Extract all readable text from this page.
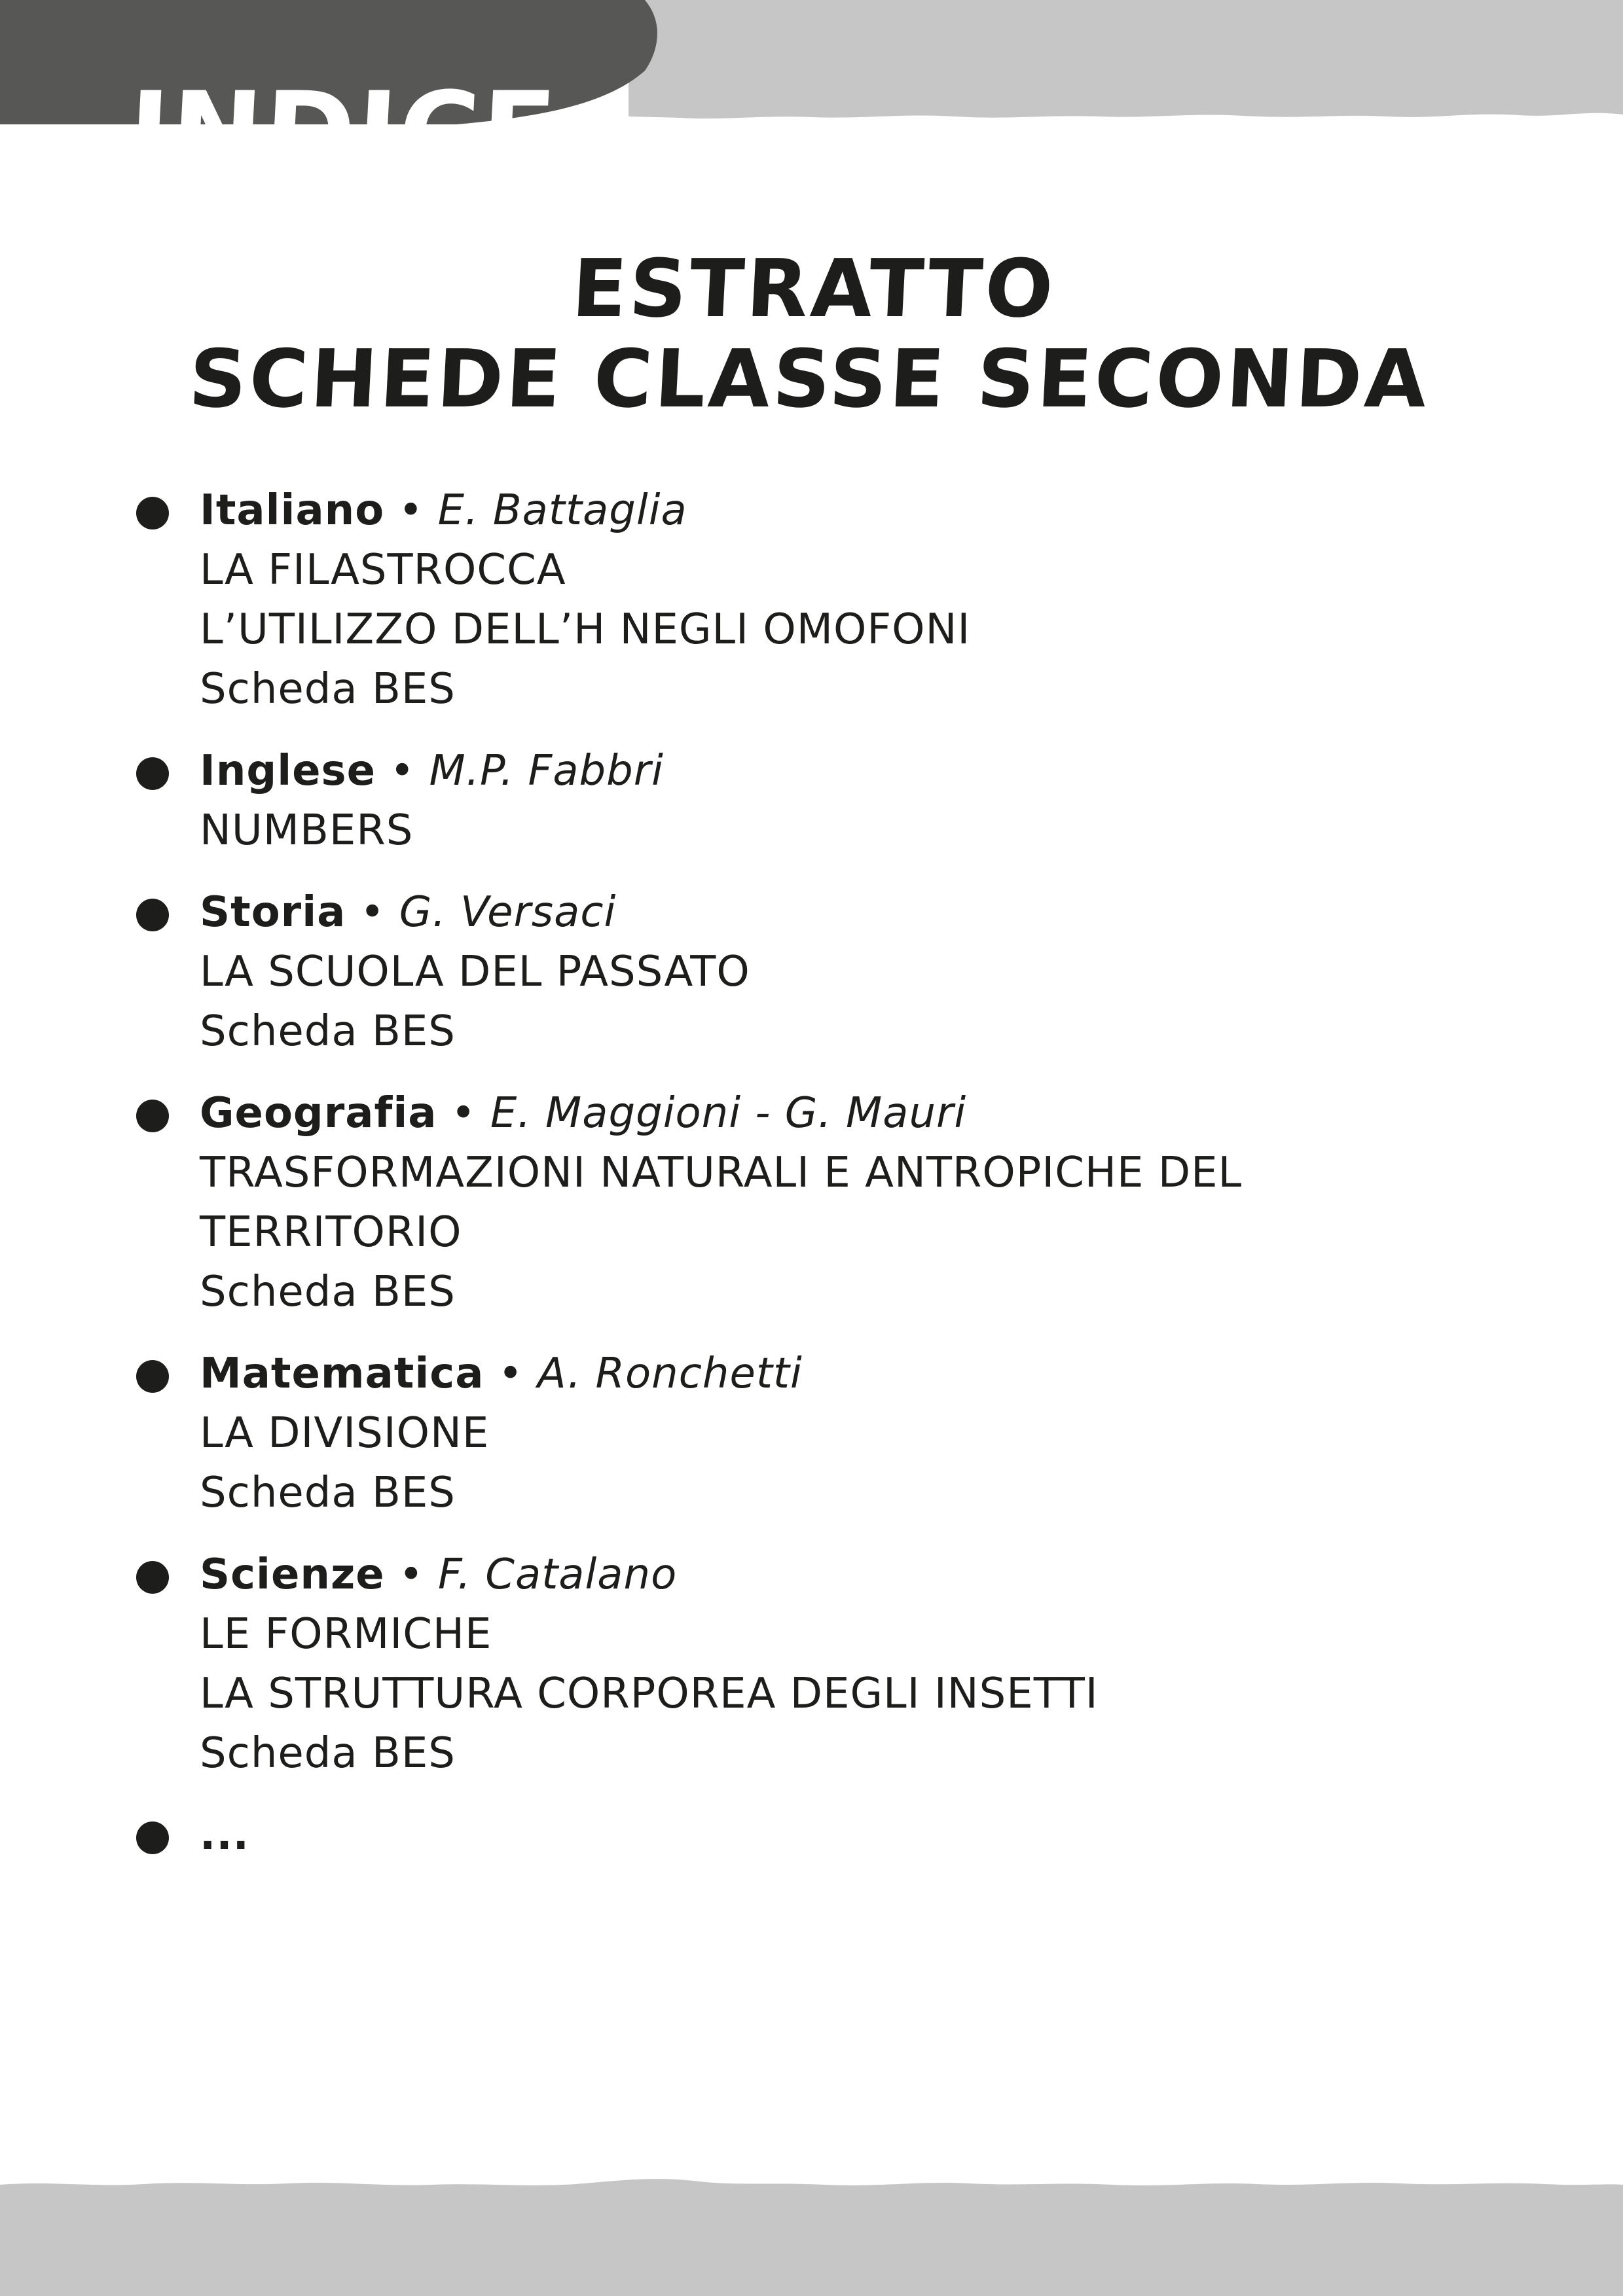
INDICE
ESTRATTO
SCHEDE CLASSE SECONDA
Italiano • E. Battaglia
LA FILASTROCCA
L’UTILIZZO DELL’H NEGLI OMOFONI
Scheda BES
Inglese • M.P. Fabbri
NUMBERS
Storia • G. Versaci
LA SCUOLA DEL PASSATO
Scheda BES
Geografia • E. Maggioni - G. Mauri
TRASFORMAZIONI NATURALI E ANTROPICHE DEL
TERRITORIO
Scheda BES
Matematica • A. Ronchetti
LA DIVISIONE
Scheda BES
Scienze • F. Catalano
LE FORMICHE
LA STRUTTURA CORPOREA DEGLI INSETTI
Scheda BES
...
